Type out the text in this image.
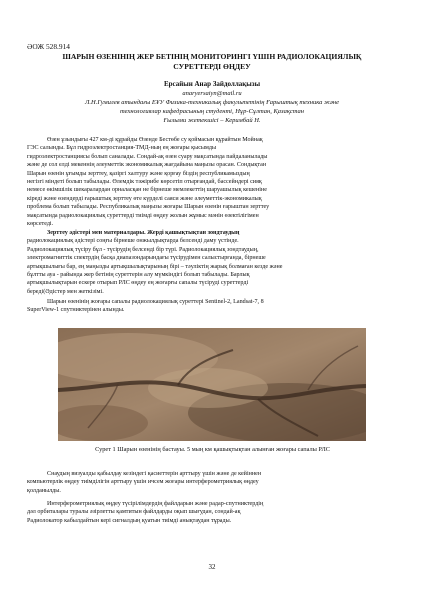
ӘОЖ 528.914
ШАРЫН ӨЗЕНІНІҢ ЖЕР БЕТІНІҢ МОНИТОРИНГІ ҮШІН РАДИОЛОКАЦИЯЛЫҚ
СУРЕТТЕРДІ ӨҢДЕУ
Ерсайын Анар Зайдоллақызы
anaryersaiyn@mail.ru
Л.Н.Гумилев атындағы ЕҰУ Физика-техникалық факультетінің Ғарыштық техника және
технологиялар кафедрасының студенті, Нұр-Сұлтан, Қазақстан
Ғылыми жетекшісі – Керимбай Н.
Өзен ұзындығы 427 км-ді құрайды Өзенде Бестөбе су қоймасын құрайтын Мойнақ
ГЭС салынды. Бұл гидроэлектростанция-ТМД-ның ең жоғары қысымды
гидроэлектростанциясы болып саналады. Сондай-ақ өзен суару мақсатында пайдаланылады
және де сол елді мекеннің әлеуметтік экономикалық жағдайына маңызы орасан. Сондықтан
Шарын өзенін ұғымды зерттеу, қазіргі халтуру және қорғау біздің республикамыздың
негізгі міндеті болып табылады. Өлемдік тәжірибе көрсетіп отырғандай, бассейндері сияқ
немесе өкімшілік шекаралардан орналасқан не бірнеше мемлекеттің шаруашылық кешеніне
кіреді және өзендерді ғарыштық зерттеу өте күрделі саяси және әлеуметтік-экономикалық
проблема болып табылады. Республикалық маңызы жоғары Шарын өзенін ғарыштан зерттеу
мақсатында радиолокациялық суреттерді тиімді өңдеу жолын жұмыс мәнін өзектілігімен
көрсетеді.
Зерттеу әдістері мен материалдары. Жерді қашықтықтан зондтаудың
радиолокациялық әдістері соңғы бірнеше онжылдықтарда белсенді даму үстінде.
Радиолокациялық түсіру бұл - түсірудің белсенді бір түрі. Радиолокациялық зондтаудың,
электромагниттік спектрдің басқа диапазондарындағы түсірудімен салыстырғанда, бірнеше
артықшылығы бар, ең маңызды артықшылықтарының бірі – тәуліктің жарық болмаған кезде және
бұлтты ауа - райында жер бетінің суреттерін алу мүмкіндігі болып табылады. Барлық
артықшылықтарын ескере отырып РЛС өңдеу ең жоғарғы сапалы түсіруді суреттерді
береді(Әдістер мен жеткізімі.
Шарын өзенінің жоғары сапалы радиолокациялық суреттері Sentinel-2, Landsat-7, 8
SuperView-1 спутниктерінен алынды.
Сурет 1 Шарын өзенінің бастауы. 5 мың км қашықтықтан алынған жоғары сапалы РЛС
Снаудың визуалды қабылдау кезіндегі қасиеттерін арттыру үшін және де кейіннен
компьютерлік өңдеу тиімділігін арттыру үшін ичсем жоғары интерферометриялық өңдеу
қолданылды.
Интерферометриялық өңдеу түсірілімдердің файлдарын және радар-спутниктердің
дәл орбиталары туралы әзірлетты қамтитын файлдарды оқып шығудан, сондай-ақ
Радиолокатор кабылдайтын кері сигналдың қуатын тиімді анықтаудан тұрады.
32
